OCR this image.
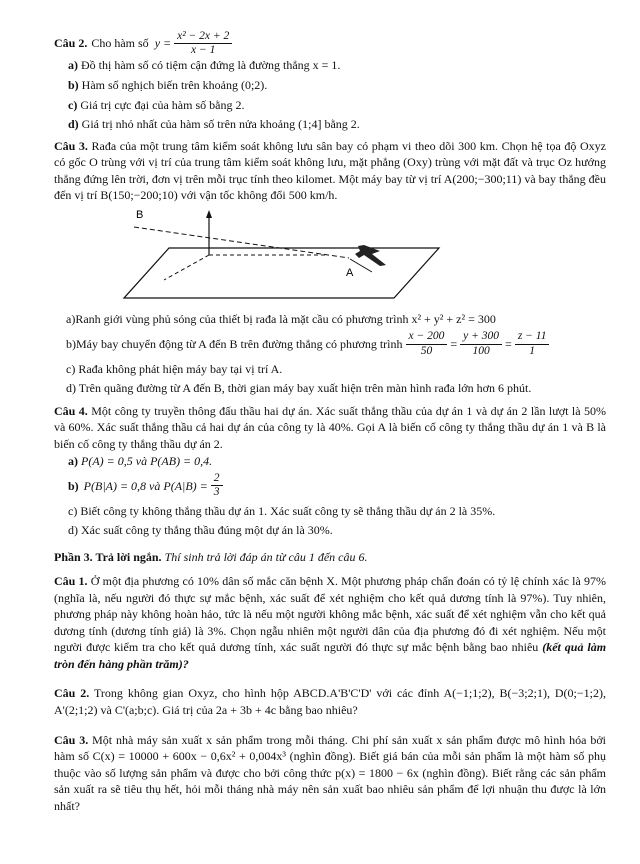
Câu 2. Cho hàm số $y = \frac{\text{x² − 2x + 2}}{x - 1}$
a) Đồ thị hàm số có tiệm cận đứng là đường thẳng x = 1.
b) Hàm số nghịch biến trên khoảng (0;2).
c) Giá trị cực đại của hàm số bằng 2.
d) Giá trị nhỏ nhất của hàm số trên nửa khoảng (1;4] bằng 2.
Câu 3. Rađa của một trung tâm kiểm soát không lưu sân bay có phạm vi theo dõi 300 km. Chọn hệ tọa độ Oxyz có gốc O trùng với vị trí của trung tâm kiểm soát không lưu, mặt phẳng (Oxy) trùng với mặt đất và trục Oz hướng thẳng đứng lên trời, đơn vị trên mỗi trục tính theo kilomet. Một máy bay từ vị trí A(200;−300;11) và bay thẳng đều đến vị trí B(150;−200;10) với vận tốc không đổi 500 km/h.
B
A
a)Ranh giới vùng phủ sóng của thiết bị rađa là mặt cầu có phương trình x² + y² + z² = 300
b)Máy bay chuyển động từ A đến B trên đường thẳng có phương trình $\frac{x - 200}{50} = \frac{y + 300}{100} = \frac{z - 11}{1}$
c) Rađa không phát hiện máy bay tại vị trí A.
d) Trên quãng đường từ A đến B, thời gian máy bay xuất hiện trên màn hình rađa lớn hơn 6 phút.
Câu 4. Một công ty truyền thông đấu thầu hai dự án. Xác suất thắng thầu của dự án 1 và dự án 2 lần lượt là 50% và 60%. Xác suất thắng thầu cả hai dự án của công ty là 40%. Gọi A là biến cố công ty thắng thầu dự án 1 và B là biến cố công ty thắng thầu dự án 2.
a) P(A) = 0,5 và P(AB) = 0,4.
b) P(B|A) = 0,8 và $P(A|B) = \frac{2}{3}$
c) Biết công ty không thắng thầu dự án 1. Xác suất công ty sẽ thắng thầu dự án 2 là 35%.
d) Xác suất công ty thắng thầu đúng một dự án là 30%.
Phần 3. Trả lời ngắn. Thí sinh trả lời đáp án từ câu 1 đến câu 6.
Câu 1. Ở một địa phương có 10% dân số mắc căn bệnh X. Một phương pháp chẩn đoán có tỷ lệ chính xác là 97% (nghĩa là, nếu người đó thực sự mắc bệnh, xác suất để xét nghiệm cho kết quả dương tính là 97%). Tuy nhiên, phương pháp này không hoàn hảo, tức là nếu một người không mắc bệnh, xác suất để xét nghiệm vẫn cho kết quả dương tính (dương tính giả) là 3%. Chọn ngẫu nhiên một người dân của địa phương đó đi xét nghiệm. Nếu một người được kiểm tra cho kết quả dương tính, xác suất người đó thực sự mắc bệnh bằng bao nhiêu (kết quả làm tròn đến hàng phần trăm)?
Câu 2. Trong không gian Oxyz, cho hình hộp ABCD.A'B'C'D' với các đỉnh A(−1;1;2), B(−3;2;1), D(0;−1;2), A'(2;1;2) và C'(a;b;c). Giá trị của 2a + 3b + 4c bằng bao nhiêu?
Câu 3. Một nhà máy sản xuất x sản phẩm trong mỗi tháng. Chi phí sản xuất x sản phẩm được mô hình hóa bởi hàm số C(x) = 10000 + 600x − 0,6x² + 0,004x³ (nghìn đồng). Biết giá bán của mỗi sản phẩm là một hàm số phụ thuộc vào số lượng sản phẩm và được cho bởi công thức p(x) = 1800 − 6x (nghìn đồng). Biết rằng các sản phẩm sản xuất ra sẽ tiêu thụ hết, hỏi mỗi tháng nhà máy nên sản xuất bao nhiêu sản phẩm để lợi nhuận thu được là lớn nhất?
